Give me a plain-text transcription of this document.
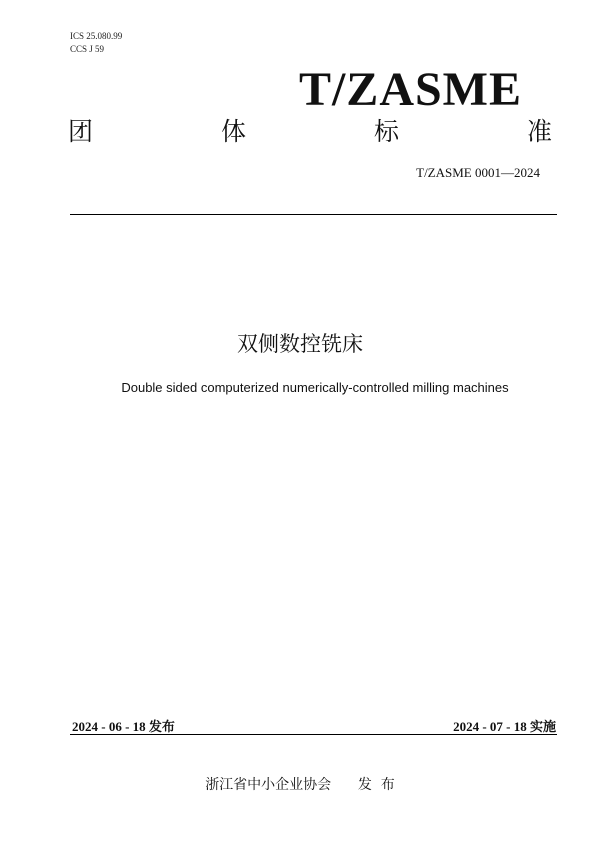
ICS 25.080.99
CCS J 59
T/ZASME
团	体	标	准
T/ZASME 0001—2024
双侧数控铣床
Double sided computerized numerically-controlled milling machines
2024 - 06 - 18 发布	2024 - 07 - 18 实施
浙江省中小企业协会      发  布
